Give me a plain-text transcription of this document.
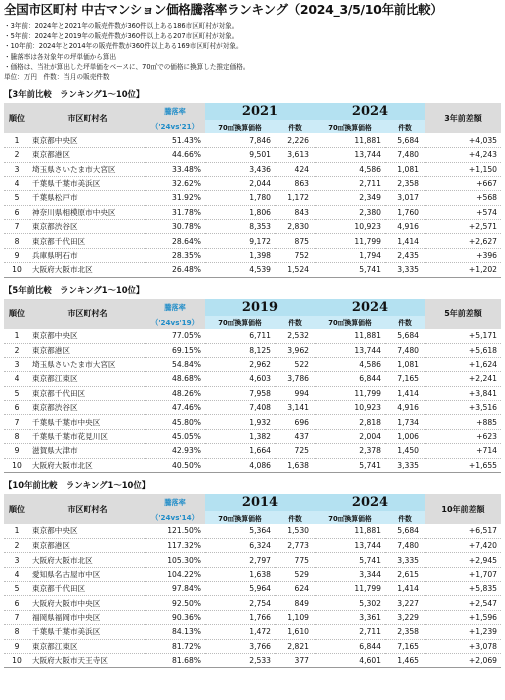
全国市区町村 中古マンション価格騰落率ランキング（2024_3/5/10年前比較）
・3年前：2024年と2021年の販売件数が360件以上ある186市区町村が対象。
・5年前：2024年と2019年の販売件数が360件以上ある207市区町村が対象。
・10年前：2024年と2014年の販売件数が360件以上ある169市区町村が対象。
・騰落率は各対象年の坪単価から算出
・価格は、当社が算出した坪単価をベースに、70㎡での価格に換算した推定価格。
単位：万円　件数：当月の販売件数
【3年前比較　ランキング1～10位】
順位	市区町村名	騰落率	2021		2024		3年前差額
		（'24vs'21）	70㎡換算価格	件数	70㎡換算価格	件数	
1	東京都中央区	51.43%	7,846	2,226	11,881	5,684	+4,035
2	東京都港区	44.66%	9,501	3,613	13,744	7,480	+4,243
3	埼玉県さいたま市大宮区	33.48%	3,436	424	4,586	1,081	+1,150
4	千葉県千葉市美浜区	32.62%	2,044	863	2,711	2,358	+667
5	千葉県松戸市	31.92%	1,780	1,172	2,349	3,017	+568
6	神奈川県相模原市中央区	31.78%	1,806	843	2,380	1,760	+574
7	東京都渋谷区	30.78%	8,353	2,830	10,923	4,916	+2,571
8	東京都千代田区	28.64%	9,172	875	11,799	1,414	+2,627
9	兵庫県明石市	28.35%	1,398	752	1,794	2,435	+396
10	大阪府大阪市北区	26.48%	4,539	1,524	5,741	3,335	+1,202
【5年前比較　ランキング1～10位】
順位	市区町村名	騰落率	2019		2024		5年前差額
		（'24vs'19）	70㎡換算価格	件数	70㎡換算価格	件数	
1	東京都中央区	77.05%	6,711	2,532	11,881	5,684	+5,171
2	東京都港区	69.15%	8,125	3,962	13,744	7,480	+5,618
3	埼玉県さいたま市大宮区	54.84%	2,962	522	4,586	1,081	+1,624
4	東京都江東区	48.68%	4,603	3,786	6,844	7,165	+2,241
5	東京都千代田区	48.26%	7,958	994	11,799	1,414	+3,841
6	東京都渋谷区	47.46%	7,408	3,141	10,923	4,916	+3,516
7	千葉県千葉市中央区	45.80%	1,932	696	2,818	1,734	+885
8	千葉県千葉市花見川区	45.05%	1,382	437	2,004	1,006	+623
9	滋賀県大津市	42.93%	1,664	725	2,378	1,450	+714
10	大阪府大阪市北区	40.50%	4,086	1,638	5,741	3,335	+1,655
【10年前比較　ランキング1～10位】
順位	市区町村名	騰落率	2014		2024		10年前差額
		（'24vs'14）	70㎡換算価格	件数	70㎡換算価格	件数	
1	東京都中央区	121.50%	5,364	1,530	11,881	5,684	+6,517
2	東京都港区	117.32%	6,324	2,773	13,744	7,480	+7,420
3	大阪府大阪市北区	105.30%	2,797	775	5,741	3,335	+2,945
4	愛知県名古屋市中区	104.22%	1,638	529	3,344	2,615	+1,707
5	東京都千代田区	97.84%	5,964	624	11,799	1,414	+5,835
6	大阪府大阪市中央区	92.50%	2,754	849	5,302	3,227	+2,547
7	福岡県福岡市中央区	90.36%	1,766	1,109	3,361	3,229	+1,596
8	千葉県千葉市美浜区	84.13%	1,472	1,610	2,711	2,358	+1,239
9	東京都江東区	81.72%	3,766	2,821	6,844	7,165	+3,078
10	大阪府大阪市天王寺区	81.68%	2,533	377	4,601	1,465	+2,069
